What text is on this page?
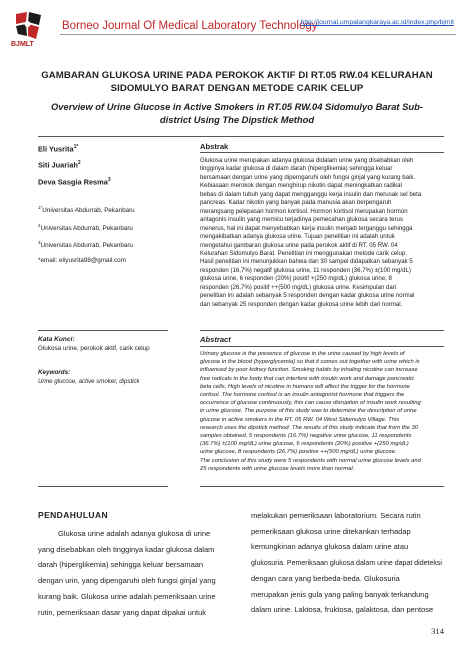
BJMLT
Borneo Journal Of Medical Laboratory Technology
http://journal.umpalangkaraya.ac.id/index.php/bjmlt
GAMBARAN GLUKOSA URINE PADA PEROKOK AKTIF DI RT.05 RW.04 KELURAHAN SIDOMULYO BARAT DENGAN METODE CARIK CELUP
Overview of Urine Glucose in Active Smokers in RT.05 RW.04 Sidomulyo Barat Sub-district Using The Dipstick Method
Eli Yusrita$^{1*}$
Siti Juariah$^2$
Deva Sasgia Resma$^3$
$^{1*}$Universitas Abdurrab, Pekanbaru
$^2$Universitas Abdurrab, Pekanbaru
$^3$Universitas Abdurrab, Pekanbaru
*email: eliyusrita98@gmail.com
Abstrak
Glukosa urine merupakan adanya glukosa didalam urine yang disebabkan oleh
tingginya kadar glukosa di dalam darah (hiperglikemia) sehingga keluar
bersamaan dengan urine yang diperngaruhi oleh fungsi ginjal yang kurang baik.
Kebiasaan merokok dengan menghirup nikotin dapat meningkatkan radikal
bebas di dalam tubuh yang dapat mengganggu kerja insulin dan merusak sel beta
pancreas. Kadar nikotin yang banyak pada manusia akan berpengaruh
merangsang pelepasan hormon kortisol. Hormon kortisol merupakan hormon
antagonis insulin yang memicu terjadinya pemecahan glukosa secara terus
menerus, hal ini dapat menyebabkan kerja insulin menjadi terganggu sehingga
mengakibatkan adanya glukosa urine. Tujuan penelitian ini adalah untuk
mengetahui gambaran glukosa urine pada perokok aktif di RT. 05 RW. 04
Kelurahan Sidomulyo Barat. Penelitian ini menggunakan metode carik celup.
Hasil penelitian ini menunjukkan bahwa dari 30 sampel didapatkan sebanyak 5
responden (16,7%) negatif glukosa urine, 11 responden (36,7%) ±(100 mg/dL)
glukosa urine, 6 responden (20%) positif +(250 mg/dL) glukosa urine, 8
responden (26,7%) positif ++(500 mg/dL) glukosa urine. Kesimpulan dari
penelitian ini adalah sebanyak 5 responden dengan kadar glukosa urine normal
dan sebanyak 25 responden dengan kadar glukosa urine lebih dari normal.
Kata Kunci:
Glukosa urine, perokok aktif, carik celup
Keywords:
Urine glucose, active smoker, dipstick
Abstract
Urinary glucose is the presence of glucose in the urine caused by high levels of
glucose in the blood (hyperglycemia) so that it comes out together with urine which is
influenced by poor kidney function. Smoking habits by inhaling nicotine can increase
free radicals in the body that can interfere with insulin work and damage pancreatic
beta cells. High levels of nicotine in humans will affect the trigger for the hormone
cortisol. The hormone cortisol is an insulin antagonist hormone that triggers the
occurrence of glucose continuously, this can cause disruption of insulin work resulting
in urine glucose. The purpose of this study was to determine the description of urine
glucose in active smokers in the RT. 05 RW. 04 West Sidomulyo Village. This
research uses the dipstick method. The results of this study indicate that from the 30
samples obtained, 5 respondents (16.7%) negative urine glucose, 11 respondents
(36.7%) ±(100 mg/dL) urine glucose, 6 respondents (20%) positive +(250 mg/dL)
urine glucose, 8 respondents (26.7%) positive ++(500 mg/dL) urine glucose.
The conclusion of this study were 5 respondents with normal urine glucose levels and
25 respondents with urine glucose levels more than normal.
PENDAHULUAN
Glukosa urine adalah adanya glukosa di urine
yang disebabkan oleh tingginya kadar glukosa dalam
darah (hiperglikemia) sehingga keluar bersamaan
dengan urin, yang dipengaruhi oleh fungsi ginjal yang
kurang baik. Glukosa urine adalah pemeriksaan urine
rutin, pemeriksaan dasar yang dapat dipakai untuk
melakukan pemeriksaan laboratorium. Secara rutin
pemeriksaan glukosa urine ditekankan terhadap
kemungkinan adanya glukosa dalam urine atau
glukosuria. Pemeriksaan glukosa dalam urine dapat dideteksi
dengan cara yang berbeda-beda. Glukosuria
merupakan jenis gula yang paling banyak terkandung
dalam urine. Laktosa, fruktosa, galaktosa, dan pentose
314
